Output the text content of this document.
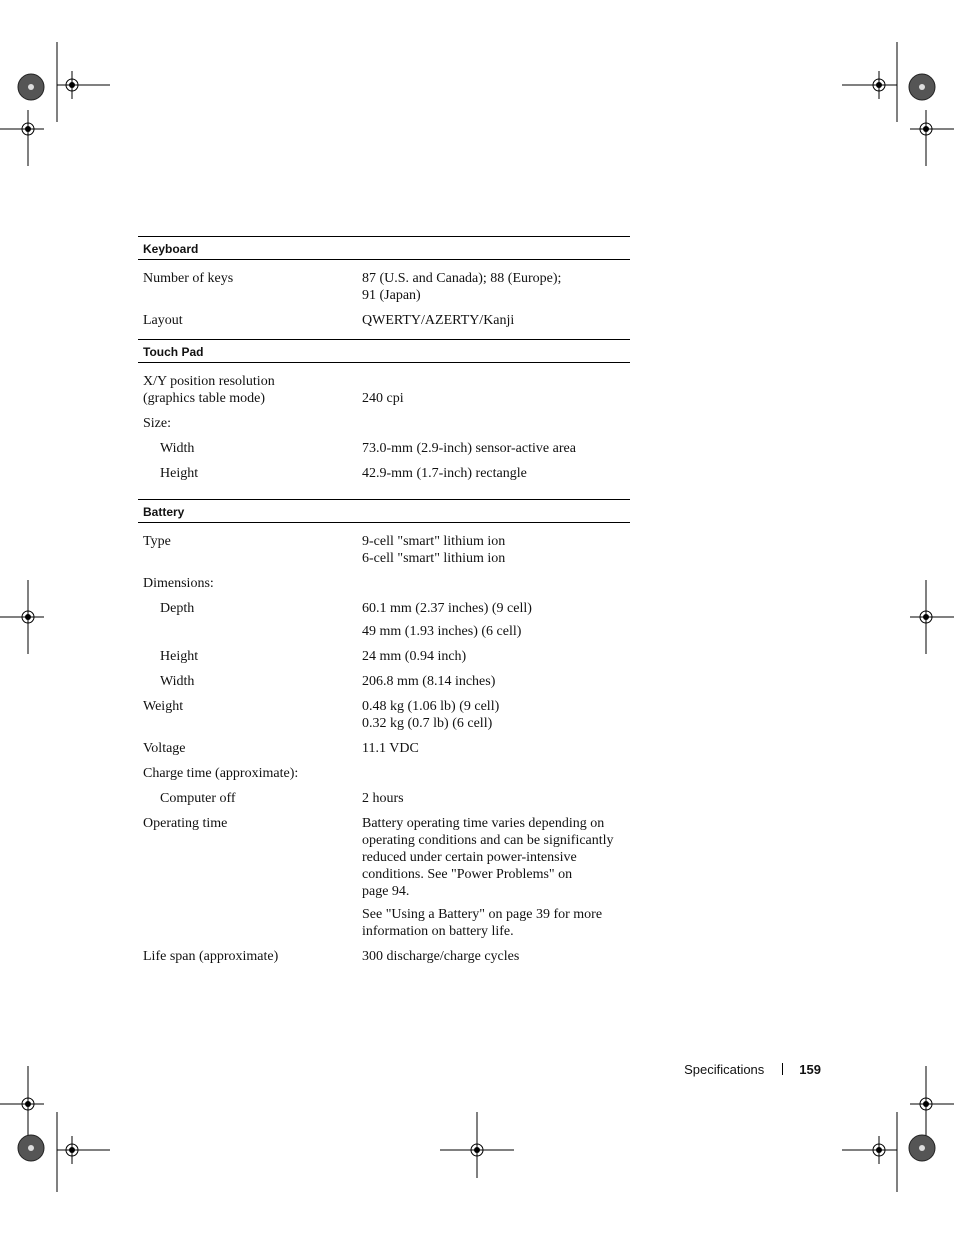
Keyboard
Number of keys	87 (U.S. and Canada); 88 (Europe);
91 (Japan)
Layout	QWERTY/AZERTY/Kanji
Touch Pad
X/Y position resolution
(graphics table mode)	240 cpi
Size:
Width	73.0-mm (2.9-inch) sensor-active area
Height	42.9-mm (1.7-inch) rectangle
Battery
Type	9-cell "smart" lithium ion
6-cell "smart" lithium ion
Dimensions:
Depth	60.1 mm (2.37 inches) (9 cell)
49 mm (1.93 inches) (6 cell)
Height	24 mm (0.94 inch)
Width	206.8 mm (8.14 inches)
Weight	0.48 kg (1.06 lb) (9 cell)
0.32 kg (0.7 lb) (6 cell)
Voltage	11.1 VDC
Charge time (approximate):
Computer off	2 hours
Operating time	Battery operating time varies depending on
operating conditions and can be significantly
reduced under certain power-intensive
conditions. See "Power Problems" on
page 94.
See "Using a Battery" on page 39 for more
information on battery life.
Life span (approximate)	300 discharge/charge cycles
Specifications	159
